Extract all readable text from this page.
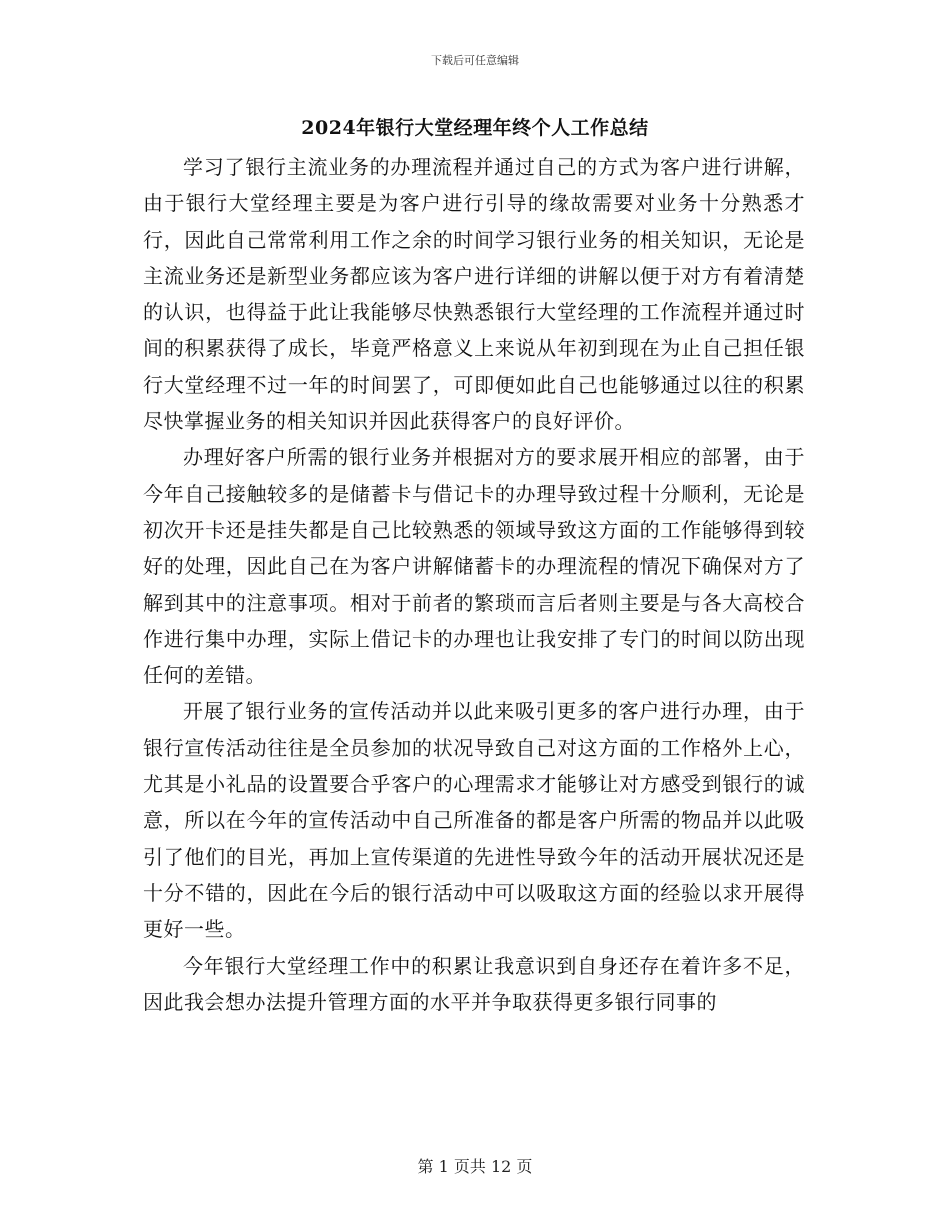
下载后可任意编辑
2024年银行大堂经理年终个人工作总结

学习了银行主流业务的办理流程并通过自己的方式为客户进行讲解，由于银行大堂经理主要是为客户进行引导的缘故需要对业务十分熟悉才行，因此自己常常利用工作之余的时间学习银行业务的相关知识，无论是主流业务还是新型业务都应该为客户进行详细的讲解以便于对方有着清楚的认识，也得益于此让我能够尽快熟悉银行大堂经理的工作流程并通过时间的积累获得了成长，毕竟严格意义上来说从年初到现在为止自己担任银行大堂经理不过一年的时间罢了，可即便如此自己也能够通过以往的积累尽快掌握业务的相关知识并因此获得客户的良好评价。

办理好客户所需的银行业务并根据对方的要求展开相应的部署，由于今年自己接触较多的是储蓄卡与借记卡的办理导致过程十分顺利，无论是初次开卡还是挂失都是自己比较熟悉的领域导致这方面的工作能够得到较好的处理，因此自己在为客户讲解储蓄卡的办理流程的情况下确保对方了解到其中的注意事项。相对于前者的繁琐而言后者则主要是与各大高校合作进行集中办理，实际上借记卡的办理也让我安排了专门的时间以防出现任何的差错。

开展了银行业务的宣传活动并以此来吸引更多的客户进行办理，由于银行宣传活动往往是全员参加的状况导致自己对这方面的工作格外上心，尤其是小礼品的设置要合乎客户的心理需求才能够让对方感受到银行的诚意，所以在今年的宣传活动中自己所准备的都是客户所需的物品并以此吸引了他们的目光，再加上宣传渠道的先进性导致今年的活动开展状况还是十分不错的，因此在今后的银行活动中可以吸取这方面的经验以求开展得更好一些。

今年银行大堂经理工作中的积累让我意识到自身还存在着许多不足，因此我会想办法提升管理方面的水平并争取获得更多银行同事的

第 1 页共 12 页
